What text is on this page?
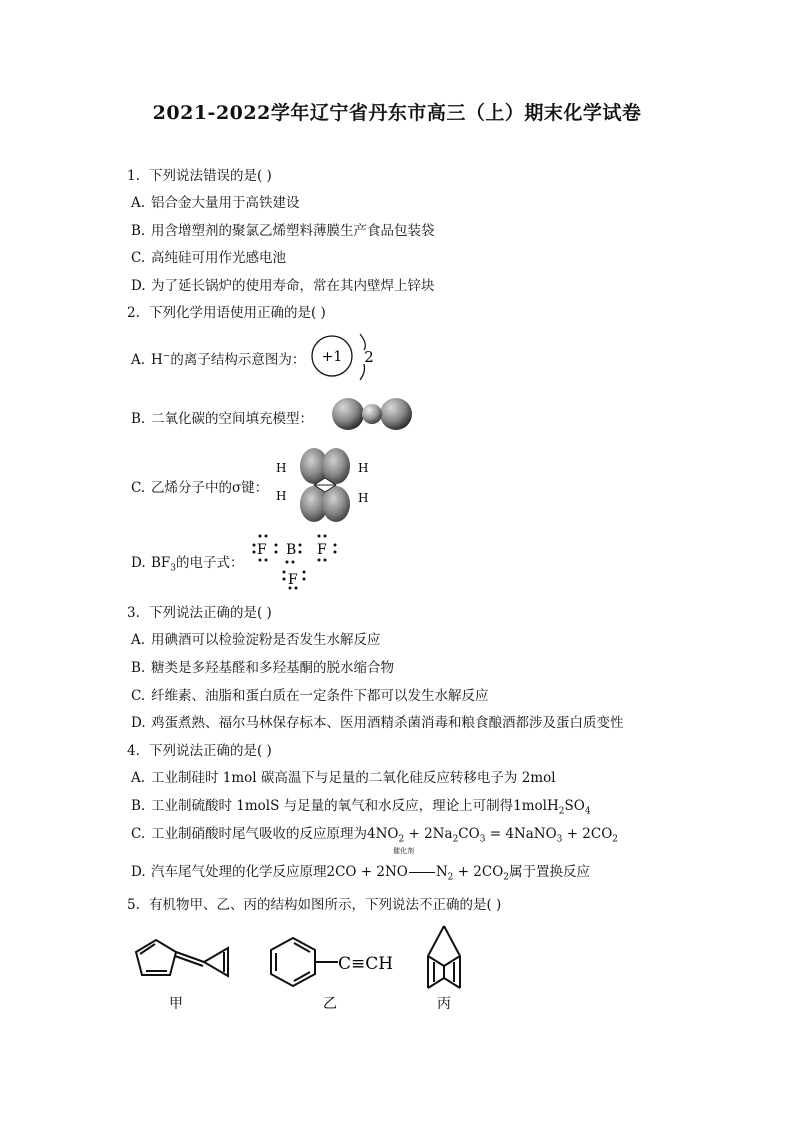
2021-2022学年辽宁省丹东市高三（上）期末化学试卷
1. 下列说法错误的是( )
A. 铝合金大量用于高铁建设
B. 用含增塑剂的聚氯乙烯塑料薄膜生产食品包装袋
C. 高纯硅可用作光感电池
D. 为了延长锅炉的使用寿命，常在其内壁焊上锌块
2. 下列化学用语使用正确的是( )
A. H−的离子结构示意图为： +1 2
B. 二氧化碳的空间填充模型：
C. 乙烯分子中的σ键：
H	H
H	H
D. $BF_3$的电子式：
F B F
F
3. 下列说法正确的是( )
A. 用碘酒可以检验淀粉是否发生水解反应
B. 糖类是多羟基醛和多羟基酮的脱水缩合物
C. 纤维素、油脂和蛋白质在一定条件下都可以发生水解反应
D. 鸡蛋煮熟、福尔马林保存标本、医用酒精杀菌消毒和粮食酿酒都涉及蛋白质变性
4. 下列说法正确的是( )
A. 工业制硅时 1mol 碳高温下与足量的二氧化硅反应转移电子为 2mol
B. 工业制硫酸时 1molS 与足量的氧气和水反应，理论上可制得$1molH_2SO_4$
C. 工业制硝酸时尾气吸收的反应原理为$4NO_2 + 2Na_2CO_3$ = 4NaNO$_3$ + $2CO_2$
催化剂
D. 汽车尾气处理的化学反应原理2CO + 2NO $N_2 + 2CO_2$属于置换反应
5. 有机物甲、乙、丙的结构如图所示，下列说法不正确的是( )
甲
C≡CH
乙	丙
